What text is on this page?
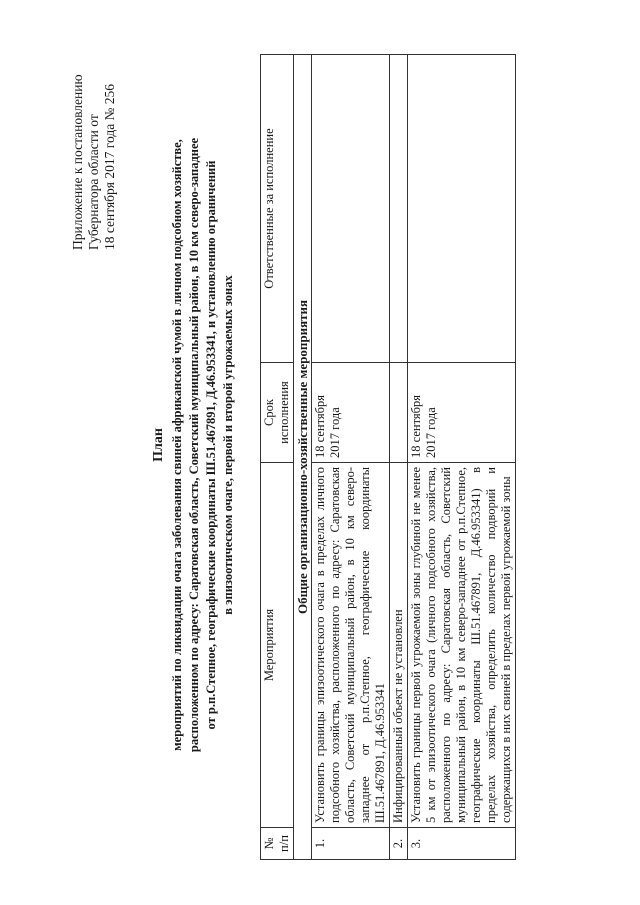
Приложение к постановлению Губернатора области от 18 сентября 2017 года № 256
План мероприятий по ликвидации очага заболевания свиней африканской чумой в личном подсобном хозяйстве, расположенном по адресу: Саратовская область, Советский муниципальный район, в 10 км северо-западнее от р.п.Степное, географические координаты Ш.51.467891, Д.46.953341, и установлению ограничений в эпизоотическом очаге, первой и второй угрожаемых зонах
№ п/п	Мероприятия	Срок исполнения	Ответственные за исполнение
Общие организационно-хозяйственные мероприятия			
1.	Установить границы эпизоотического очага в пределах личного подсобного хозяйства, расположенного по адресу: Саратовская область, Советский муниципальный район, в 10 км северо-западнее от р.п.Степное, географические координаты Ш.51.467891, Д.46.953341	18 сентября 2017 года	
2.	Инфицированный объект не установлен		
3.	Установить границы первой угрожаемой зоны глубиной не менее 5 км от эпизоотического очага (личного подсобного хозяйства, расположенного по адресу: Саратовская область, Советский муниципальный район, в 10 км северо-западнее от р.п.Степное, географические координаты Ш.51.467891, Д.46.953341) в пределах хозяйства, определить количество подворий и содержащихся в них свиней в пределах первой угрожаемой зоны	18 сентября 2017 года	
